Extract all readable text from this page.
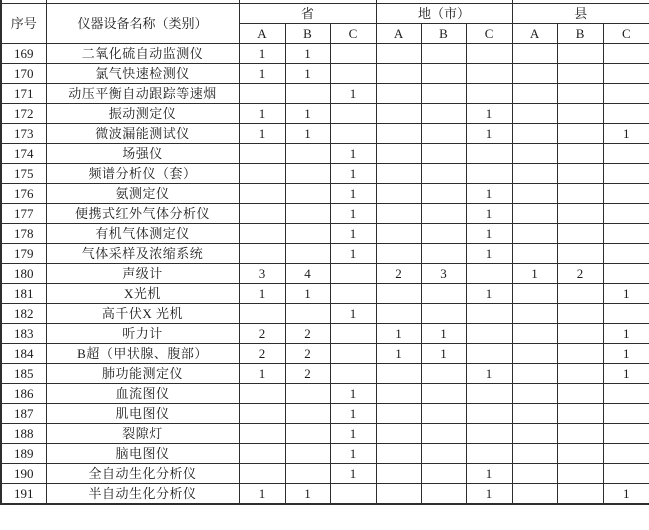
序号	仪器设备名称（类别）	省			地（市）			县		
		A	B	C	A	B	C	A	B	C
169	二氧化硫自动监测仪	1	1							
170	氯气快速检测仪	1	1							
171	动压平衡自动跟踪等速烟			1						
172	振动测定仪	1	1				1			
173	微波漏能测试仪	1	1				1			1
174	场强仪			1						
175	频谱分析仪（套）			1						
176	氨测定仪			1			1			
177	便携式红外气体分析仪			1			1			
178	有机气体测定仪			1			1			
179	气体采样及浓缩系统			1			1			
180	声级计	3	4		2	3		1	2	
181	X光机	1	1				1			1
182	高千伏X 光机			1						
183	听力计	2	2		1	1				1
184	B超（甲状腺、腹部）	2	2		1	1				1
185	肺功能测定仪	1	2				1			1
186	血流图仪			1						
187	肌电图仪			1						
188	裂隙灯			1						
189	脑电图仪			1						
190	全自动生化分析仪			1			1			
191	半自动生化分析仪	1	1				1			1
